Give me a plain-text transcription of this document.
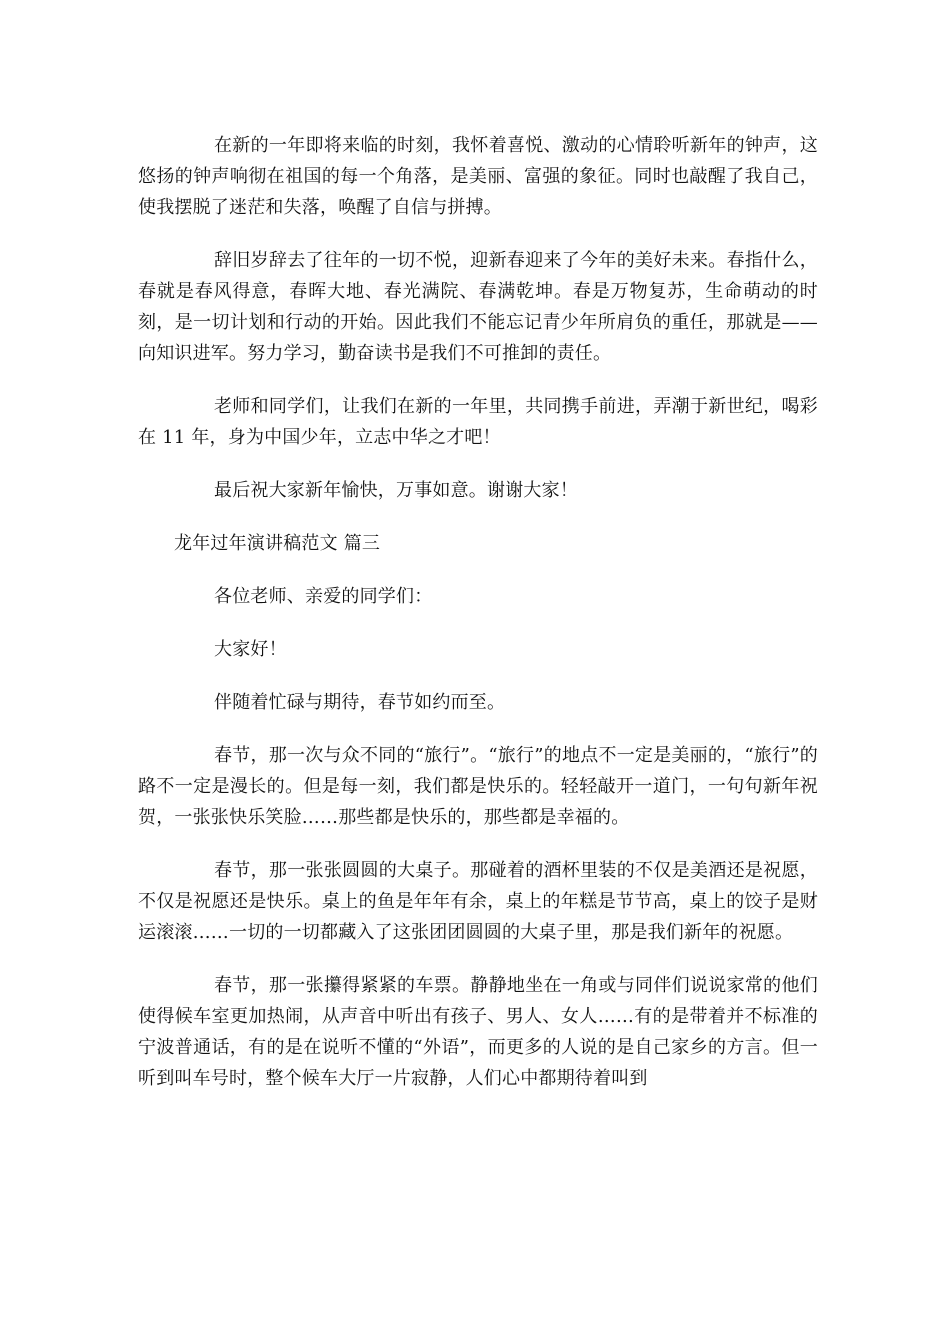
在新的一年即将来临的时刻，我怀着喜悦、激动的心情聆听新年的钟声，这悠扬的钟声响彻在祖国的每一个角落，是美丽、富强的象征。同时也敲醒了我自己，使我摆脱了迷茫和失落，唤醒了自信与拼搏。

辞旧岁辞去了往年的一切不悦，迎新春迎来了今年的美好未来。春指什么，春就是春风得意，春晖大地、春光满院、春满乾坤。春是万物复苏，生命萌动的时刻，是一切计划和行动的开始。因此我们不能忘记青少年所肩负的重任，那就是——向知识进军。努力学习，勤奋读书是我们不可推卸的责任。

老师和同学们，让我们在新的一年里，共同携手前进，弄潮于新世纪，喝彩在 11 年，身为中国少年，立志中华之才吧！

最后祝大家新年愉快，万事如意。谢谢大家！

龙年过年演讲稿范文 篇三

各位老师、亲爱的同学们：

大家好！

伴随着忙碌与期待，春节如约而至。

春节，那一次与众不同的“旅行”。“旅行”的地点不一定是美丽的，“旅行”的路不一定是漫长的。但是每一刻，我们都是快乐的。轻轻敲开一道门，一句句新年祝贺，一张张快乐笑脸……那些都是快乐的，那些都是幸福的。

春节，那一张张圆圆的大桌子。那碰着的酒杯里装的不仅是美酒还是祝愿，不仅是祝愿还是快乐。桌上的鱼是年年有余，桌上的年糕是节节高，桌上的饺子是财运滚滚……一切的一切都藏入了这张团团圆圆的大桌子里，那是我们新年的祝愿。

春节，那一张攥得紧紧的车票。静静地坐在一角或与同伴们说说家常的他们使得候车室更加热闹，从声音中听出有孩子、男人、女人……有的是带着并不标准的宁波普通话，有的是在说听不懂的“外语”，而更多的人说的是自己家乡的方言。但一听到叫车号时，整个候车大厅一片寂静，人们心中都期待着叫到
